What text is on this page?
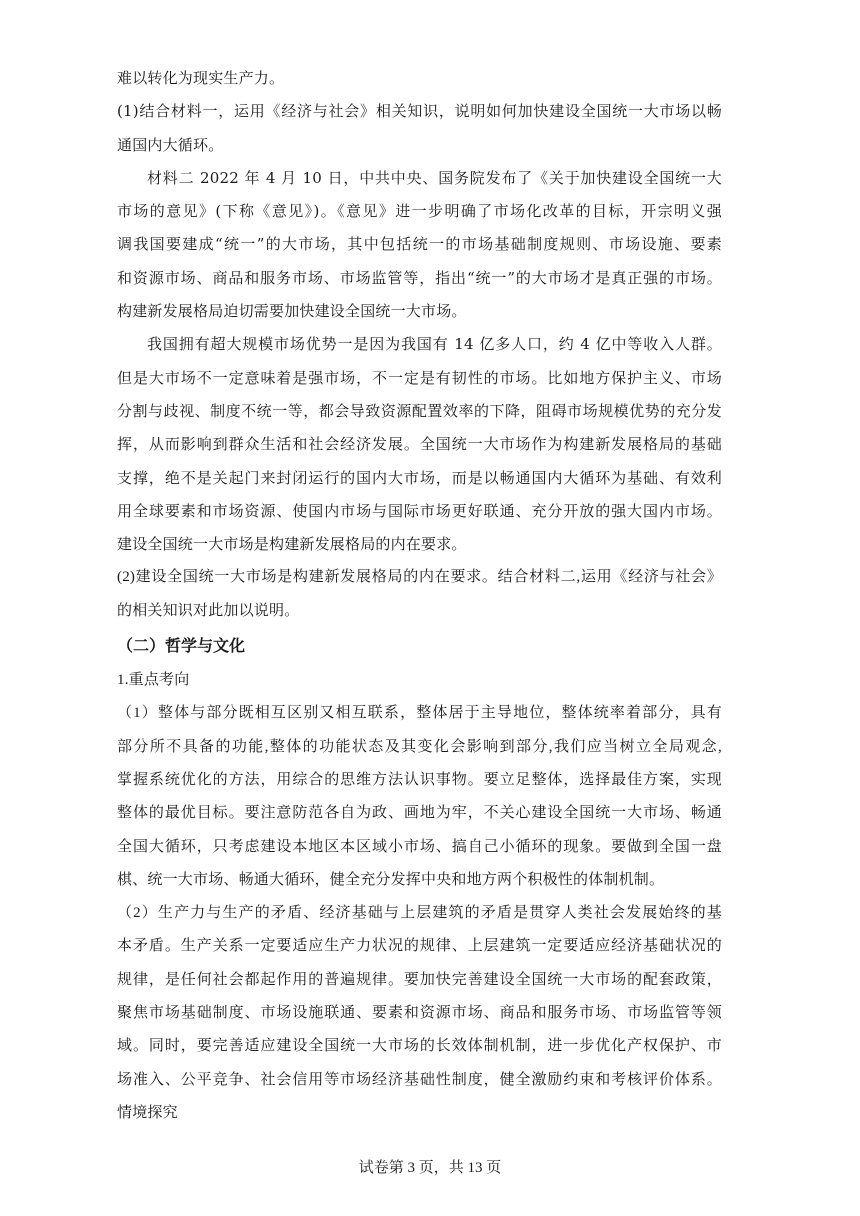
难以转化为现实生产力。
(1)结合材料一，运用《经济与社会》相关知识，说明如何加快建设全国统一大市场以畅
通国内大循环。
材料二 2022 年 4 月 10 日，中共中央、国务院发布了《关于加快建设全国统一大
市场的意见》(下称《意见》)。《意见》进一步明确了市场化改革的目标，开宗明义强
调我国要建成“统一”的大市场，其中包括统一的市场基础制度规则、市场设施、要素
和资源市场、商品和服务市场、市场监管等，指出“统一”的大市场才是真正强的市场。
构建新发展格局迫切需要加快建设全国统一大市场。
我国拥有超大规模市场优势一是因为我国有 14 亿多人口，约 4 亿中等收入人群。
但是大市场不一定意味着是强市场，不一定是有韧性的市场。比如地方保护主义、市场
分割与歧视、制度不统一等，都会导致资源配置效率的下降，阻碍市场规模优势的充分发
挥，从而影响到群众生活和社会经济发展。全国统一大市场作为构建新发展格局的基础
支撑，绝不是关起门来封闭运行的国内大市场，而是以畅通国内大循环为基础、有效利
用全球要素和市场资源、使国内市场与国际市场更好联通、充分开放的强大国内市场。
建设全国统一大市场是构建新发展格局的内在要求。
(2)建设全国统一大市场是构建新发展格局的内在要求。结合材料二,运用《经济与社会》
的相关知识对此加以说明。
（二）哲学与文化
1.重点考向
（1）整体与部分既相互区别又相互联系，整体居于主导地位，整体统率着部分，具有
部分所不具备的功能,整体的功能状态及其变化会影响到部分,我们应当树立全局观念,
掌握系统优化的方法，用综合的思维方法认识事物。要立足整体，选择最佳方案，实现
整体的最优目标。要注意防范各自为政、画地为牢，不关心建设全国统一大市场、畅通
全国大循环，只考虑建设本地区本区域小市场、搞自己小循环的现象。要做到全国一盘
棋、统一大市场、畅通大循环，健全充分发挥中央和地方两个积极性的体制机制。
（2）生产力与生产的矛盾、经济基础与上层建筑的矛盾是贯穿人类社会发展始终的基
本矛盾。生产关系一定要适应生产力状况的规律、上层建筑一定要适应经济基础状况的
规律，是任何社会都起作用的普遍规律。要加快完善建设全国统一大市场的配套政策，
聚焦市场基础制度、市场设施联通、要素和资源市场、商品和服务市场、市场监管等领
域。同时，要完善适应建设全国统一大市场的长效体制机制，进一步优化产权保护、市
场准入、公平竞争、社会信用等市场经济基础性制度，健全激励约束和考核评价体系。
情境探究
试卷第 3 页，共 13 页
